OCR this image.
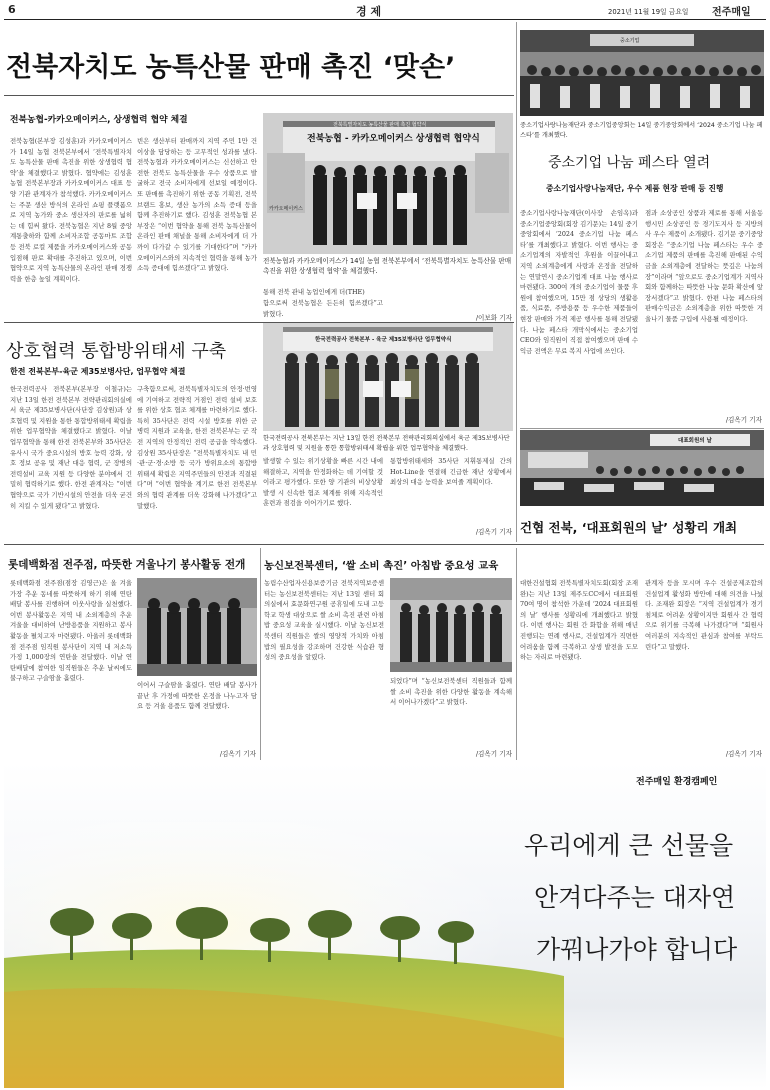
6	경 제	2021년 11월 19일 금요일 전주매일
전북자치도 농특산물 판매 촉진 ‘맞손’
전북농협-카카오메이커스, 상생협력 협약 체결
전북농협(본부장 김성훈)과 카카오메이커스가 14일 농협 전북본부에서 ‘전북특별자치도 농특산물 판매 촉진을 위한 상생협력 협약’을 체결했다고 밝혔다. 협약에는 김성훈 농협 전북본부장과 카카오메이커스 대표 등 양 기관 관계자가 참석했다. 카카오메이커스는 주문 생산 방식의 온라인 쇼핑 플랫폼으로 지역 농가와 중소 생산자의 판로를 넓히는 데 힘써 왔다. 전북농협은 지난 8월 중앙계통출하와 함께 소비자조합 공동마트 조합 등 전북 로컬 제품을 카카오메이커스와 공동 입점해 판로 확대를 추진하고 있으며, 이번 협약으로 지역 농특산물의 온라인 판매 경쟁력을 한층 높일 계획이다.
빈은 생산부터 판매까지 지역 주민 1만 건 이상을 담당하는 등 고무적인 성과를 냈다. 전북농협과 카카오메이커스는 신선하고 안전한 전북도 농특산물을 우수 상품으로 발굴하고 전국 소비자에게 선보일 예정이다. 또 판매를 촉진하기 위한 공동 기획전, 전북 브랜드 홍보, 생산 농가의 소득 증대 등을 함께 추진하기로 했다. 김성훈 전북농협 본부장은 “이번 협약을 통해 전북 농특산물이 온라인 판매 채널을 통해 소비자에게 더 가까이 다가갈 수 있기를 기대한다”며 “카카오메이커스와의 지속적인 협력을 통해 농가 소득 증대에 힘쓰겠다”고 밝혔다.
전북농협 - 카카오메이커스 상생협력 협약식
전북특별자치도 농특산물 판매 촉진 협약식
카카오메이커스
전북농협과 카카오메이커스가 14일 농협 전북본부에서 ‘전북특별자치도 농특산물 판매 촉진을 위한 상생협력 협약’을 체결했다.
통해 전북 관내 농업인에게 더(THE)
함으로써 전북농협은 든든히 힘쓰겠다”고 밝혔다.
/이보화 기자
중소기업
중소기업사랑나눔재단과 중소기업중앙회는 14일 중기중앙회에서 ‘2024 중소기업 나눔 페스타’를 개최했다.
중소기업 나눔 페스타 열려
중소기업사랑나눔재단, 우수 제품 현장 판매 등 진행
중소기업사랑나눔재단(이사장 손임옥)과 중소기업중앙회(회장 김기문)는 14일 중기중앙회에서 ‘2024 중소기업 나눔 페스타’를 개최했다고 밝혔다. 이번 행사는 중소기업계의 자발적인 후원을 이끌어내고 지역 소외계층에게 사랑과 온정을 전달하는 연말연시 중소기업계 대표 나눔 행사로 마련됐다. 300여 개의 중소기업이 물품 후원에 참여했으며, 15만 점 상당의 생활용품, 식료품, 주방용품 등 우수한 제품들이 현장 판매와 가격 제공 행사를 통해 전달됐다. 나눔 페스타 개막식에서는 중소기업 CEO와 임직원이 직접 참여했으며 판매 수익금 전액은 무료 복지 사업에 쓰인다.
점과 소상공인 상품과 제로를 통해 서울동행시민 소상공인 등 경기도지사 등 지방의 사 우수 제품이 소개됐다. 김기문 중기중앙회장은 “중소기업 나눔 페스타는 우수 중소기업 제품의 판매를 촉진해 판매된 수익금을 소외계층에 전달하는 뜻깊은 나눔의 장”이라며 “앞으로도 중소기업계가 지역사회와 함께하는 따뜻한 나눔 문화 확산에 앞장서겠다”고 밝혔다. 한편 나눔 페스타의 판매수익금은 소외계층을 위한 따뜻한 겨울나기 물품 구입에 사용될 예정이다.
/김옥기 기자
상호협력 통합방위태세 구축
한전 전북본부-육군 제35보병사단, 업무협약 체결
한국전력공사 전북본부(본부장 이철규)는 지난 13일 한전 전북본부 전략관리회의실에서 육군 제35보병사단(사단장 김상원)과 상호협력 및 지원을 통한 통합방위태세 확립을 위한 업무협약을 체결했다고 밝혔다. 이날 업무협약을 통해 한전 전북본부와 35사단은 유사시 국가 중요시설의 방호 능력 강화, 상호 정보 공유 및 재난 대응 협력, 군 장병의 전력설비 교육 지원 등 다양한 분야에서 긴밀히 협력하기로 했다. 한전 관계자는 “이번 협약으로 국가 기반시설의 안전을 더욱 굳건히 지킬 수 있게 됐다”고 밝혔다.
구축함으로써, 전북특별자치도의 안정·번영에 기여하고 전략적 거점인 전력 설비 보호를 위한 상호 협조 체계를 마련하기로 했다. 특히 35사단은 전력 시설 방호를 위한 군 병력 지원과 교육을, 한전 전북본부는 군 작전 지역의 안정적인 전력 공급을 약속했다. 김상원 35사단장은 “전북특별자치도 내 민·관·군·경·소방 등 국가 방위요소의 통합방위태세 확립은 지역주민들의 안전과 직결된다”며 “이번 협약을 계기로 한전 전북본부와의 협력 관계를 더욱 강화해 나가겠다”고 말했다.
한국전력공사 전북본부 - 육군 제35보병사단 업무협약식
한국전력공사 전북본부는 지난 13일 한전 전북본부 전략관리회의실에서 육군 제35보병사단과 상호협력 및 지원을 통한 통합방위태세 확립을 위한 업무협약을 체결했다.
발생할 수 있는 위기상황을 빠른 시간 내에 해결하고, 지역을 안정화하는 데 기여할 것이라고 평가했다. 또한 양 기관의 비상상황 발생 시 신속한 협조 체계를 위해 지속적인 훈련과 점검을 이어가기로 했다.
통합방위태세와 35사단 지휘통제실 간의 Hot-Line을 연결해 긴급한 재난 상황에서 최상의 대응 능력을 보여줄 계획이다.
/김옥기 기자
대표회원의 날
건협 전북, ‘대표회원의 날’ 성황리 개최
롯데백화점 전주점, 따뜻한 겨울나기 봉사활동 전개
롯데백화점 전주점(점장 김영근)은 올 겨울 가장 추운 동네를 따뜻하게 하기 위해 연탄 배달 봉사를 진행하며 이웃사랑을 실천했다. 이번 봉사활동은 지역 내 소외계층의 추운 겨울을 대비하여 난방용품을 지원하고 봉사 활동을 펼치고자 마련됐다. 아울러 롯데백화점 전주점 임직원 봉사단이 지역 내 저소득 가정 1,000장의 연탄을 전달했다. 이날 연탄배달에 참여한 임직원들은 추운 날씨에도 불구하고 구슬땀을 흘렸다.
이어서 구슬땀을 흘렸다. 연탄 배달 봉사가 끝난 후 가정에 따뜻한 온정을 나누고자 담요 등 겨울 용품도 함께 전달했다.
/김옥기 기자
농신보전북센터, ‘쌀 소비 촉진’ 아침밥 중요성 교육
농림수산업자신용보증기금 전북지역보증센터는 농신보전북센터는 지난 13일 센터 회의실에서 효문화연구원 공휴일에 도내 고등학교 학생 대상으로 쌀 소비 촉진 관련 아침밥 중요성 교육을 실시했다. 이날 농신보전북센터 직원들은 쌀의 영양적 가치와 아침밥의 필요성을 강조하며 건강한 식습관 형성의 중요성을 알렸다.
되었다”며 “농신보전북센터 직원들과 함께 쌀 소비 촉진을 위한 다양한 활동을 계속해서 이어나가겠다”고 밝혔다.
/김옥기 기자
대한건설협회 전북특별자치도회(회장 조재완)는 지난 13일 제주도CC에서 대표회원 70여 명이 참석한 가운데 ‘2024 대표회원의 날’ 행사를 성황리에 개최했다고 밝혔다. 이번 행사는 회원 간 화합을 위해 매년 진행되는 연례 행사로, 건설업계가 직면한 어려움을 함께 극복하고 상생 발전을 도모하는 자리로 마련됐다.
관계자 등을 모시며 우수 건설공제조합의 건설업계 활성화 방안에 대해 의견을 나눴다. 조재완 회장은 “지역 건설업계가 경기 침체로 어려운 상황이지만 회원사 간 협력으로 위기를 극복해 나가겠다”며 “회원사 여러분의 지속적인 관심과 참여를 부탁드린다”고 말했다.
/김옥기 기자
전주매일 환경캠페인
우리에게 큰 선물을
안겨다주는 대자연
가꿔나가야 합니다
